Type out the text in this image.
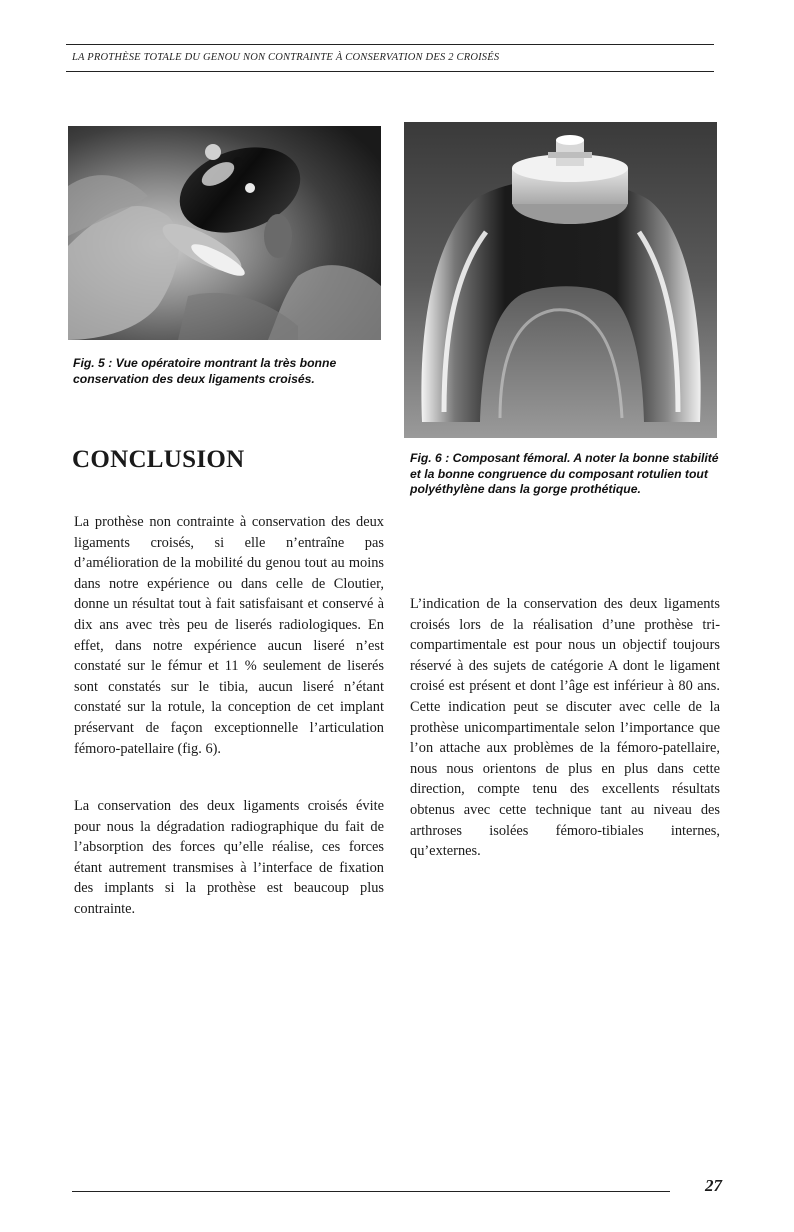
LA PROTHÈSE TOTALE DU GENOU NON CONTRAINTE À CONSERVATION DES 2 CROISÉS
Fig. 5 : Vue opératoire montrant la très bonne conservation des deux ligaments croisés.
Fig. 6 : Composant fémoral. A noter la bonne stabilité et la bonne congruence du composant rotulien tout polyéthylène dans la gorge prothétique.
CONCLUSION

La prothèse non contrainte à conservation des deux ligaments croisés, si elle n’entraîne pas d’amélioration de la mobilité du genou tout au moins dans notre expérience ou dans celle de Cloutier, donne un résultat tout à fait satisfaisant et conservé à dix ans avec très peu de liserés radiologiques. En effet, dans notre expérience aucun liseré n’est constaté sur le fémur et 11 % seulement de liserés sont constatés sur le tibia, aucun liseré n’étant constaté sur la rotule, la conception de cet implant préservant de façon exceptionnelle l’articulation fémoro-patellaire (fig. 6).

La conservation des deux ligaments croisés évite pour nous la dégradation radiographique du fait de l’absorption des forces qu’elle réalise, ces forces étant autrement transmises à l’interface de fixation des implants si la prothèse est beaucoup plus contrainte.

L’indication de la conservation des deux ligaments croisés lors de la réalisation d’une prothèse tri-compartimentale est pour nous un objectif toujours réservé à des sujets de catégorie A dont le ligament croisé est présent et dont l’âge est inférieur à 80 ans. Cette indication peut se discuter avec celle de la prothèse unicompartimentale selon l’importance que l’on attache aux problèmes de la fémoro-patellaire, nous nous orientons de plus en plus dans cette direction, compte tenu des excellents résultats obtenus avec cette technique tant au niveau des arthroses isolées fémoro-tibiales internes, qu’externes.

27
